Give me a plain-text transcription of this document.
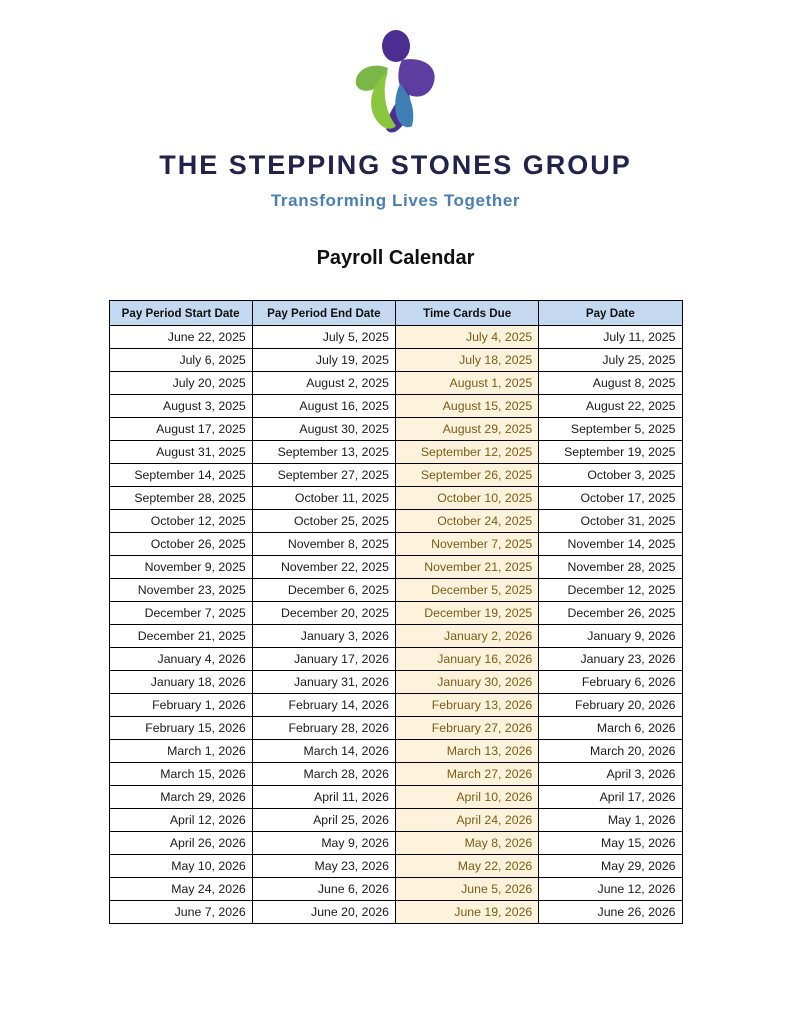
THE STEPPING STONES GROUP
Transforming Lives Together
Payroll Calendar
Pay Period Start Date	Pay Period End Date	Time Cards Due	Pay Date
June 22, 2025	July 5, 2025	July 4, 2025	July 11, 2025
July 6, 2025	July 19, 2025	July 18, 2025	July 25, 2025
July 20, 2025	August 2, 2025	August 1, 2025	August 8, 2025
August 3, 2025	August 16, 2025	August 15, 2025	August 22, 2025
August 17, 2025	August 30, 2025	August 29, 2025	September 5, 2025
August 31, 2025	September 13, 2025	September 12, 2025	September 19, 2025
September 14, 2025	September 27, 2025	September 26, 2025	October 3, 2025
September 28, 2025	October 11, 2025	October 10, 2025	October 17, 2025
October 12, 2025	October 25, 2025	October 24, 2025	October 31, 2025
October 26, 2025	November 8, 2025	November 7, 2025	November 14, 2025
November 9, 2025	November 22, 2025	November 21, 2025	November 28, 2025
November 23, 2025	December 6, 2025	December 5, 2025	December 12, 2025
December 7, 2025	December 20, 2025	December 19, 2025	December 26, 2025
December 21, 2025	January 3, 2026	January 2, 2026	January 9, 2026
January 4, 2026	January 17, 2026	January 16, 2026	January 23, 2026
January 18, 2026	January 31, 2026	January 30, 2026	February 6, 2026
February 1, 2026	February 14, 2026	February 13, 2026	February 20, 2026
February 15, 2026	February 28, 2026	February 27, 2026	March 6, 2026
March 1, 2026	March 14, 2026	March 13, 2026	March 20, 2026
March 15, 2026	March 28, 2026	March 27, 2026	April 3, 2026
March 29, 2026	April 11, 2026	April 10, 2026	April 17, 2026
April 12, 2026	April 25, 2026	April 24, 2026	May 1, 2026
April 26, 2026	May 9, 2026	May 8, 2026	May 15, 2026
May 10, 2026	May 23, 2026	May 22, 2026	May 29, 2026
May 24, 2026	June 6, 2026	June 5, 2026	June 12, 2026
June 7, 2026	June 20, 2026	June 19, 2026	June 26, 2026
